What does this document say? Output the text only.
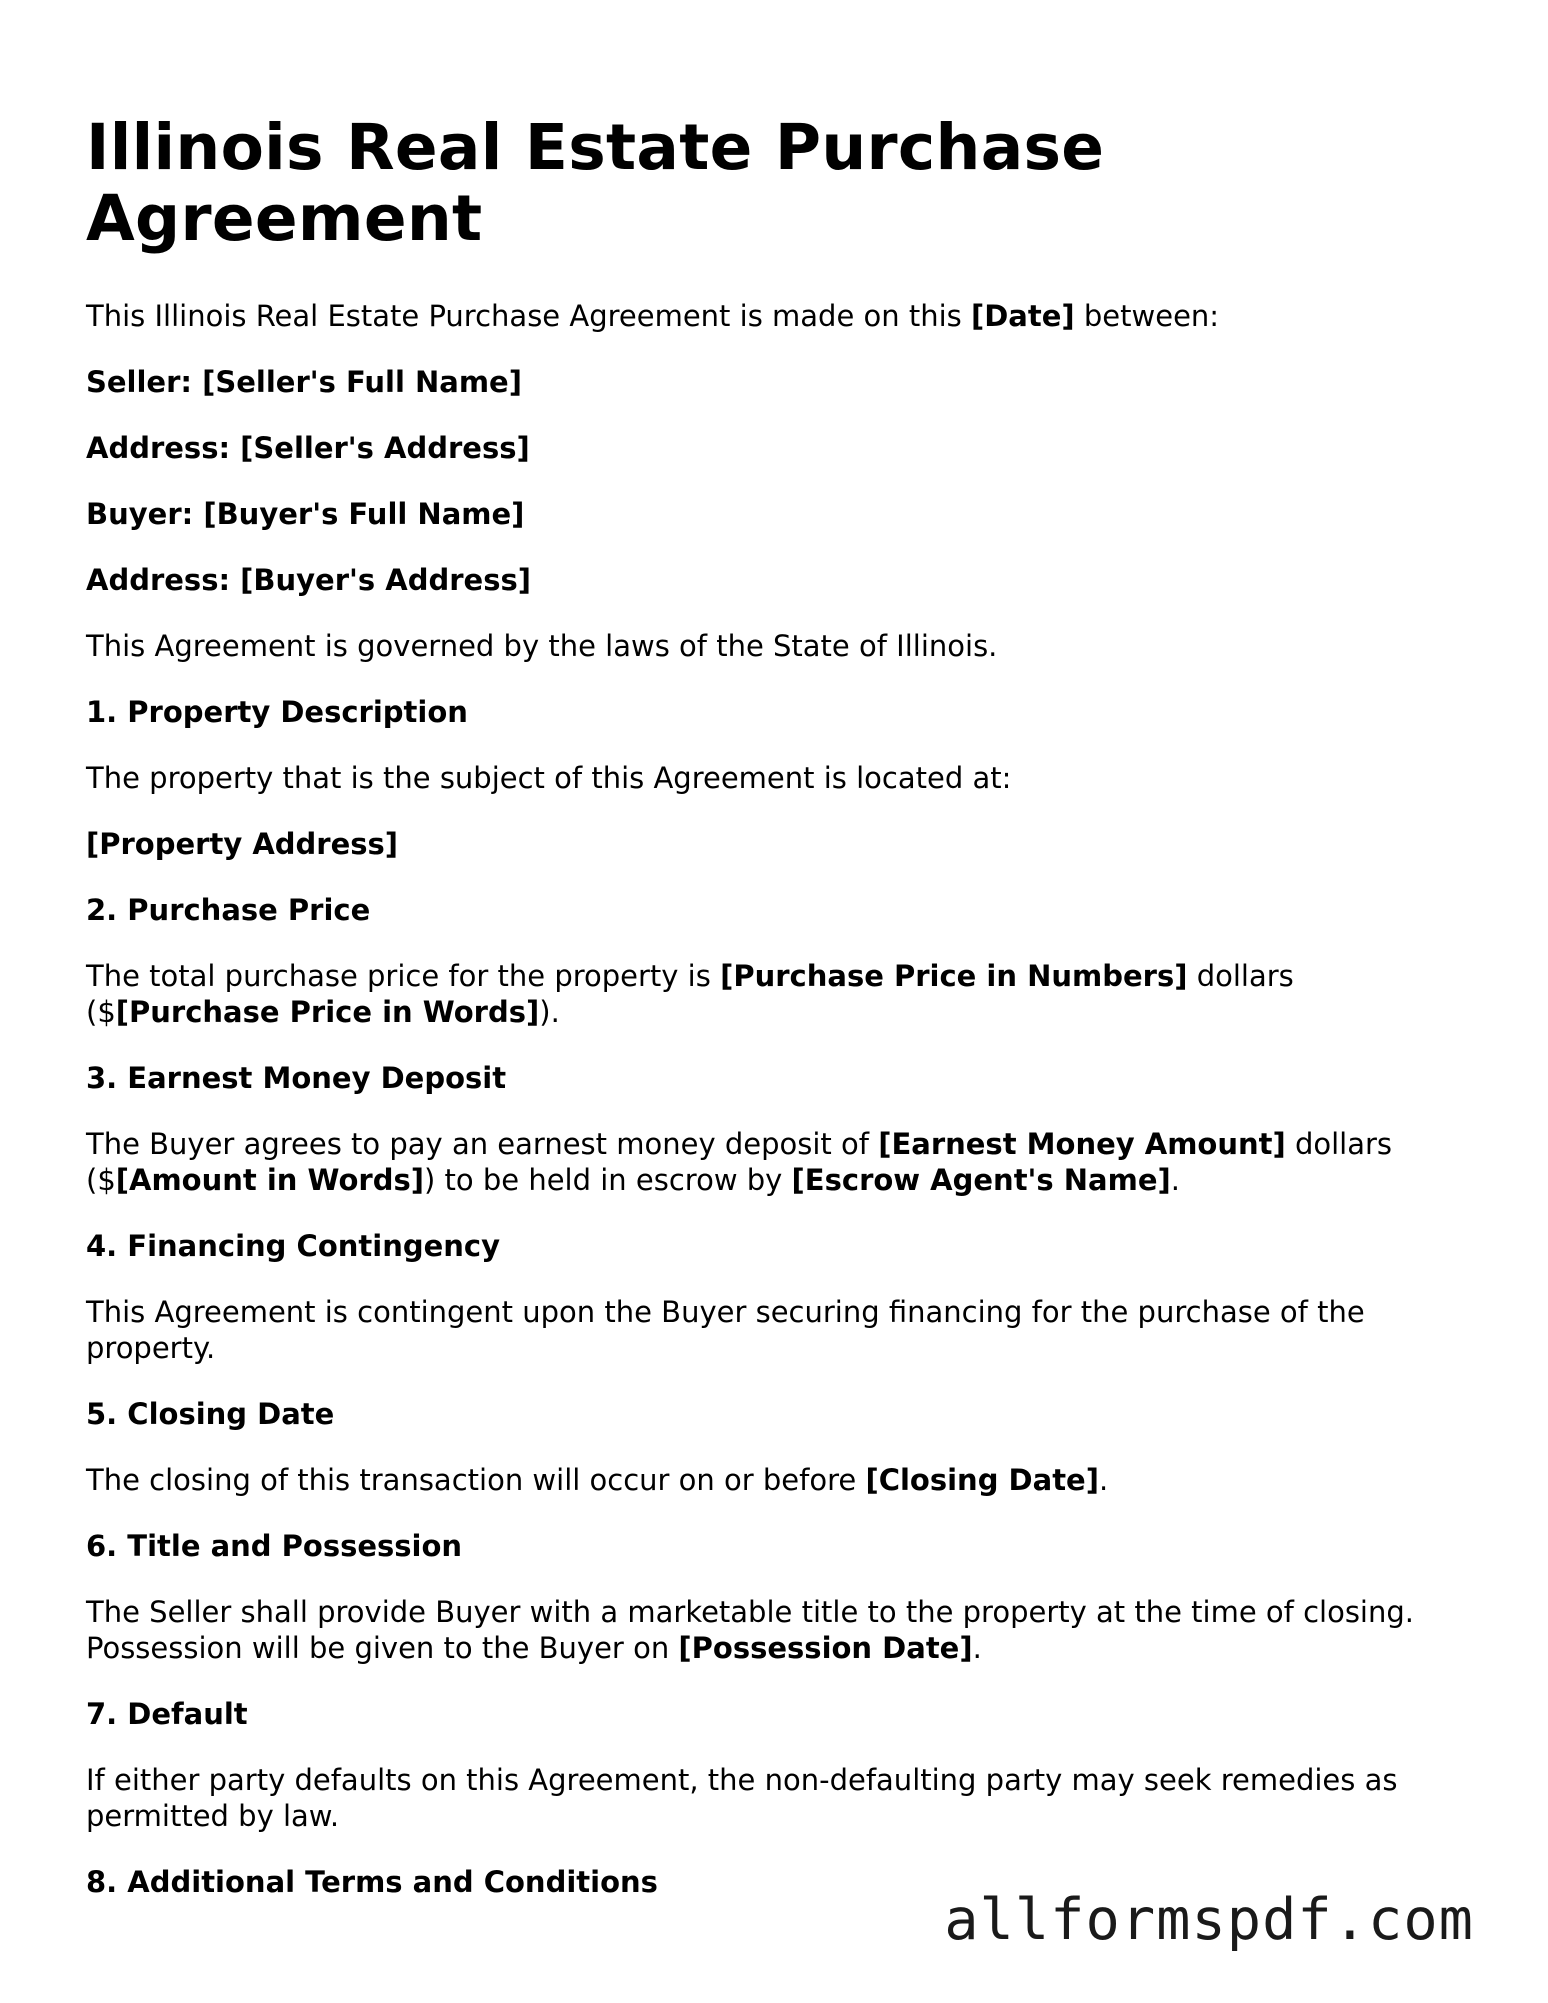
Illinois Real Estate Purchase Agreement

This Illinois Real Estate Purchase Agreement is made on this [Date] between:

Seller: [Seller's Full Name]

Address: [Seller's Address]

Buyer: [Buyer's Full Name]

Address: [Buyer's Address]

This Agreement is governed by the laws of the State of Illinois.

1. Property Description

The property that is the subject of this Agreement is located at:

[Property Address]

2. Purchase Price

The total purchase price for the property is [Purchase Price in Numbers] dollars ($[Purchase Price in Words]).

3. Earnest Money Deposit

The Buyer agrees to pay an earnest money deposit of [Earnest Money Amount] dollars ($[Amount in Words]) to be held in escrow by [Escrow Agent's Name].

4. Financing Contingency

This Agreement is contingent upon the Buyer securing financing for the purchase of the property.

5. Closing Date

The closing of this transaction will occur on or before [Closing Date].

6. Title and Possession

The Seller shall provide Buyer with a marketable title to the property at the time of closing. Possession will be given to the Buyer on [Possession Date].

7. Default

If either party defaults on this Agreement, the non-defaulting party may seek remedies as permitted by law.

8. Additional Terms and Conditions

allformspdf.com
